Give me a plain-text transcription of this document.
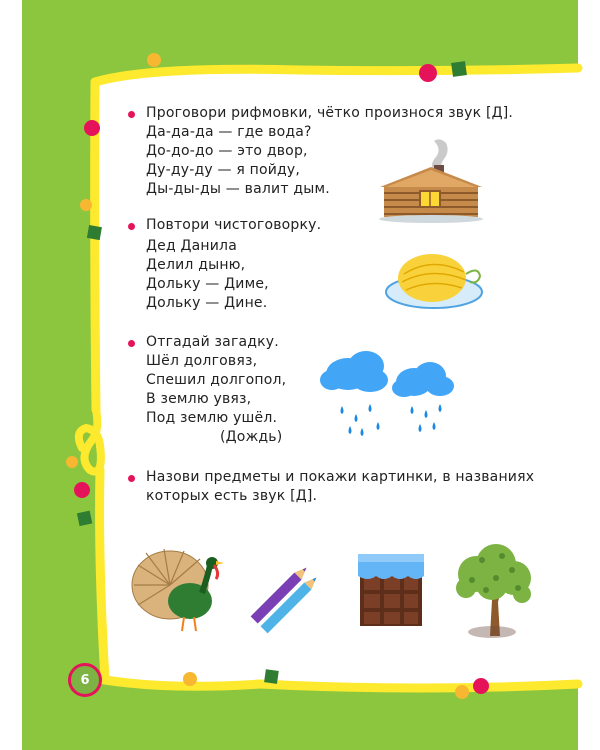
Проговори рифмовки, чётко произнося звук [Д].
Да-да-да — где вода?
До-до-до — это двор,
Ду-ду-ду — я пойду,
Ды-ды-ды — валит дым.
Повтори чистоговорку.
Дед Данила
Делил дыню,
Дольку — Диме,
Дольку — Дине.
Отгадай загадку.
Шёл долговяз,
Спешил долгопол,
В землю увяз,
Под землю ушёл.
(Дождь)
Назови предметы и покажи картинки, в названиях
которых есть звук [Д].
6
